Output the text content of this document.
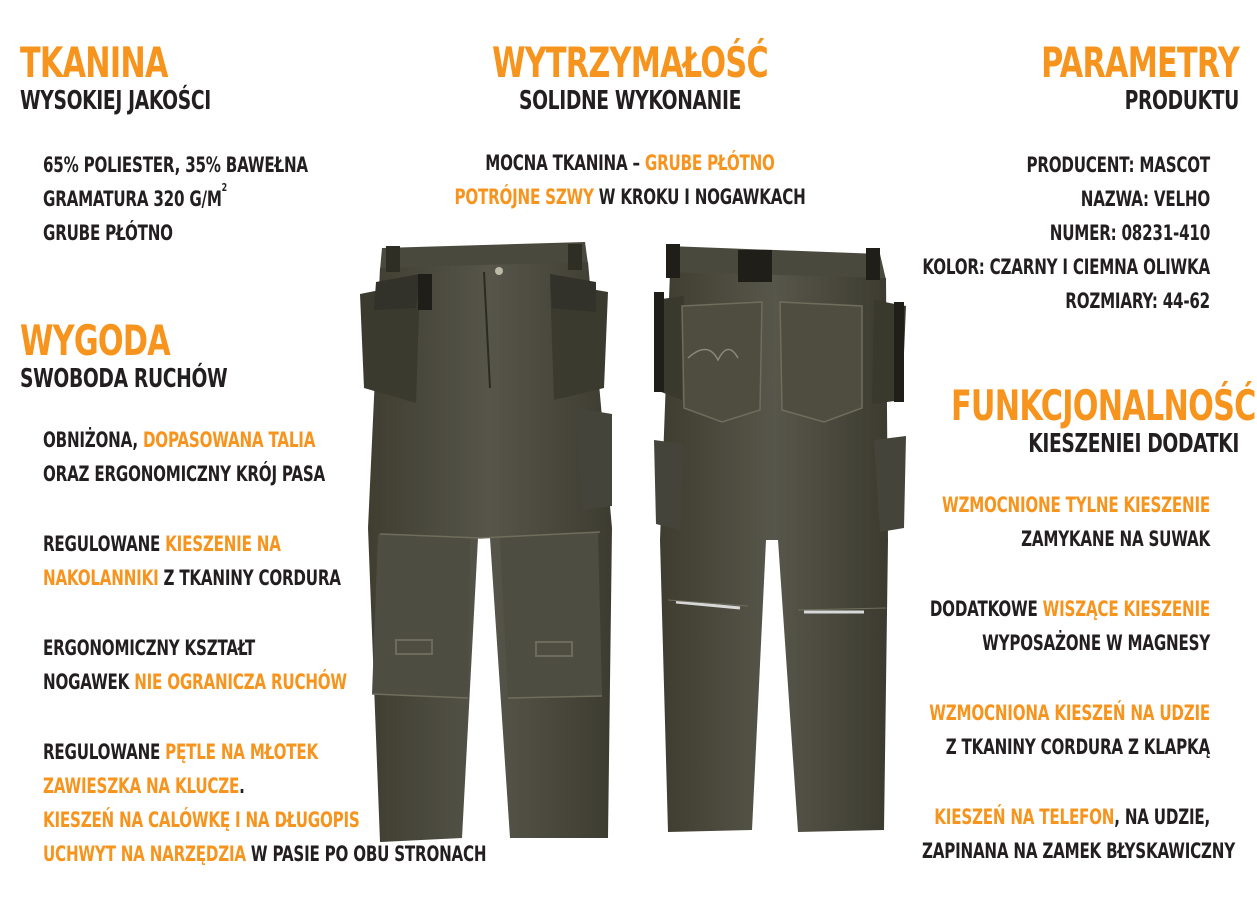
TKANINA
WYSOKIEJ JAKOŚCI
65% POLIESTER, 35% BAWEŁNA
GRAMATURA 320 $G/M^2$
GRUBE PŁÓTNO
WYGODA
SWOBODA RUCHÓW
OBNIŻONA, DOPASOWANA TALIA
ORAZ ERGONOMICZNY KRÓJ PASA
REGULOWANE KIESZENIE NA
NAKOLANNIKI Z TKANINY CORDURA
ERGONOMICZNY KSZTAŁT
NOGAWEK NIE OGRANICZA RUCHÓW
REGULOWANE PĘTLE NA MŁOTEK
ZAWIESZKA NA KLUCZE.
KIESZEŃ NA CALÓWKĘ I NA DŁUGOPIS
UCHWYT NA NARZĘDZIA W PASIE PO OBU STRONACH
WYTRZYMAŁOŚĆ
SOLIDNE WYKONANIE
MOCNA TKANINA – GRUBE PŁÓTNO
POTRÓJNE SZWY W KROKU I NOGAWKACH
PARAMETRY
PRODUKTU
PRODUCENT: MASCOT
NAZWA: VELHO
NUMER: 08231-410
KOLOR: CZARNY I CIEMNA OLIWKA
ROZMIARY: 44-62
FUNKCJONALNOŚĆ
KIESZENIEI DODATKI
WZMOCNIONE TYLNE KIESZENIE
ZAMYKANE NA SUWAK
DODATKOWE WISZĄCE KIESZENIE
WYPOSAŻONE W MAGNESY
WZMOCNIONA KIESZEŃ NA UDZIE
Z TKANINY CORDURA Z KLAPKĄ
KIESZEŃ NA TELEFON, NA UDZIE,
ZAPINANA NA ZAMEK BŁYSKAWICZNY
